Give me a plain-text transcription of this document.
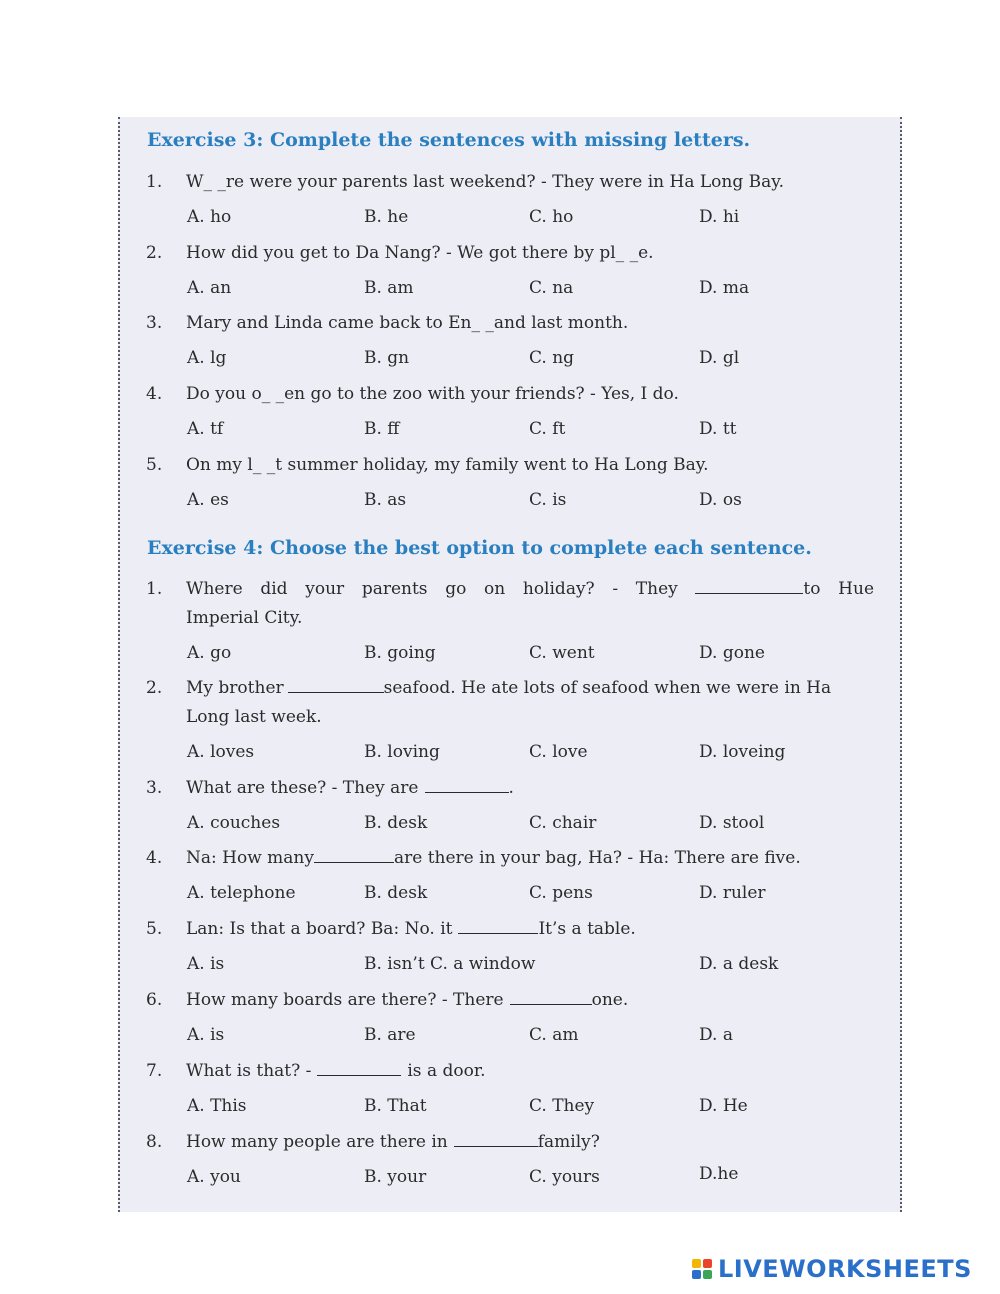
Exercise 3: Complete the sentences with missing letters.
1. W_ _re were your parents last weekend? - They were in Ha Long Bay.
A. ho	B. he	C. ho	D. hi
2. How did you get to Da Nang? - We got there by pl_ _e.
A. an	B. am	C. na	D. ma
3. Mary and Linda came back to En_ _and last month.
A. lg	B. gn	C. ng	D. gl
4. Do you o_ _en go to the zoo with your friends? - Yes, I do.
A. tf	B. ff	C. ft	D. tt
5. On my l_ _t summer holiday, my family went to Ha Long Bay.
A. es	B. as	C. is	D. os
Exercise 4: Choose the best option to complete each sentence.
1. Where did your parents go on holiday? - They	to Hue
Imperial City.
A. go	B. going	C. went	D. gone
2. My brother	seafood. He ate lots of seafood when we were in Ha
Long last week.
A. loves	B. loving	C. love	D. loveing
3. What are these? - They are	.
A. couches	B. desk	C. chair	D. stool
4. Na: How many	are there in your bag, Ha? - Ha: There are five.
A. telephone	B. desk	C. pens	D. ruler
5. Lan: Is that a board? Ba: No. it	It’s a table.
A. is	B. isn’t C. a window	D. a desk
6. How many boards are there? - There	one.
A. is	B. are	C. am	D. a
7. What is that? -	is a door.
A. This	B. That	C. They	D. He
8. How many people are there in	family?
A. you	B. your	C. yours	D.he
LIVEWORKSHEETS
